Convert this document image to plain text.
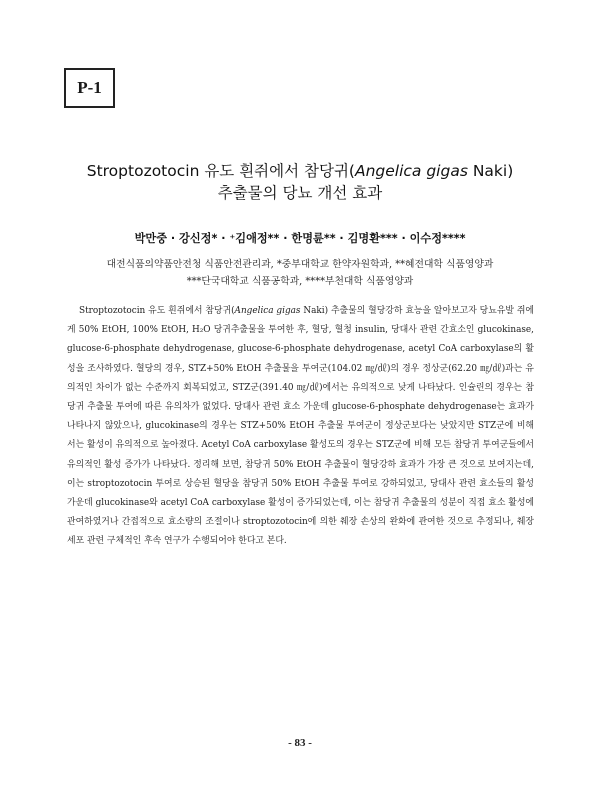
P-1
Stroptozotocin 유도 흰쥐에서 참당귀(Angelica gigas Naki)
추출물의 당뇨 개선 효과
박만중 · 강신정* · ⁺김애정** · 한명륜** · 김명환*** · 이수정****
대전식품의약품안전청 식품안전관리과, *중부대학교 한약자원학과, **혜전대학 식품영양과
***단국대학교 식품공학과, ****부천대학 식품영양과
Stroptozotocin 유도 흰쥐에서 참당귀(Angelica gigas Naki) 추출물의 혈당강하 효능을 알아보고자 당뇨유발 쥐에게 50% EtOH, 100% EtOH, H₂O 당귀추출물을 투여한 후, 혈당, 혈청 insulin, 당대사 관련 간효소인 glucokinase, glucose-6-phosphate dehydrogenase, glucose-6-phosphate dehydrogenase, acetyl CoA carboxylase의 활성을 조사하였다. 혈당의 경우, STZ+50% EtOH 추출물을 투여군(104.02 ㎎/㎗)의 경우 정상군(62.20 ㎎/㎗)과는 유의적인 차이가 없는 수준까지 회복되었고, STZ군(391.40 ㎎/㎗)에서는 유의적으로 낮게 나타났다. 인슐린의 경우는 참당귀 추출물 투여에 따른 유의차가 없었다. 당대사 관련 효소 가운데 glucose-6-phosphate dehydrogenase는 효과가 나타나지 않았으나, glucokinase의 경우는 STZ+50% EtOH 추출물 투여군이 정상군보다는 낮았지만 STZ군에 비해서는 활성이 유의적으로 높아졌다. Acetyl CoA carboxylase 활성도의 경우는 STZ군에 비해 모든 참당귀 투여군들에서 유의적인 활성 증가가 나타났다. 정리해 보면, 참당귀 50% EtOH 추출물이 혈당강하 효과가 가장 큰 것으로 보여지는데, 이는 stroptozotocin 투여로 상승된 혈당을 참당귀 50% EtOH 추출물 투여로 강하되었고, 당대사 관련 효소들의 활성 가운데 glucokinase와 acetyl CoA carboxylase 활성이 증가되었는데, 이는 참당귀 추출물의 성분이 직접 효소 활성에 관여하였거나 간접적으로 효소량의 조절이나 stroptozotocin에 의한 췌장 손상의 완화에 관여한 것으로 추정되나, 췌장세포 관련 구체적인 후속 연구가 수행되어야 한다고 본다.
- 83 -
